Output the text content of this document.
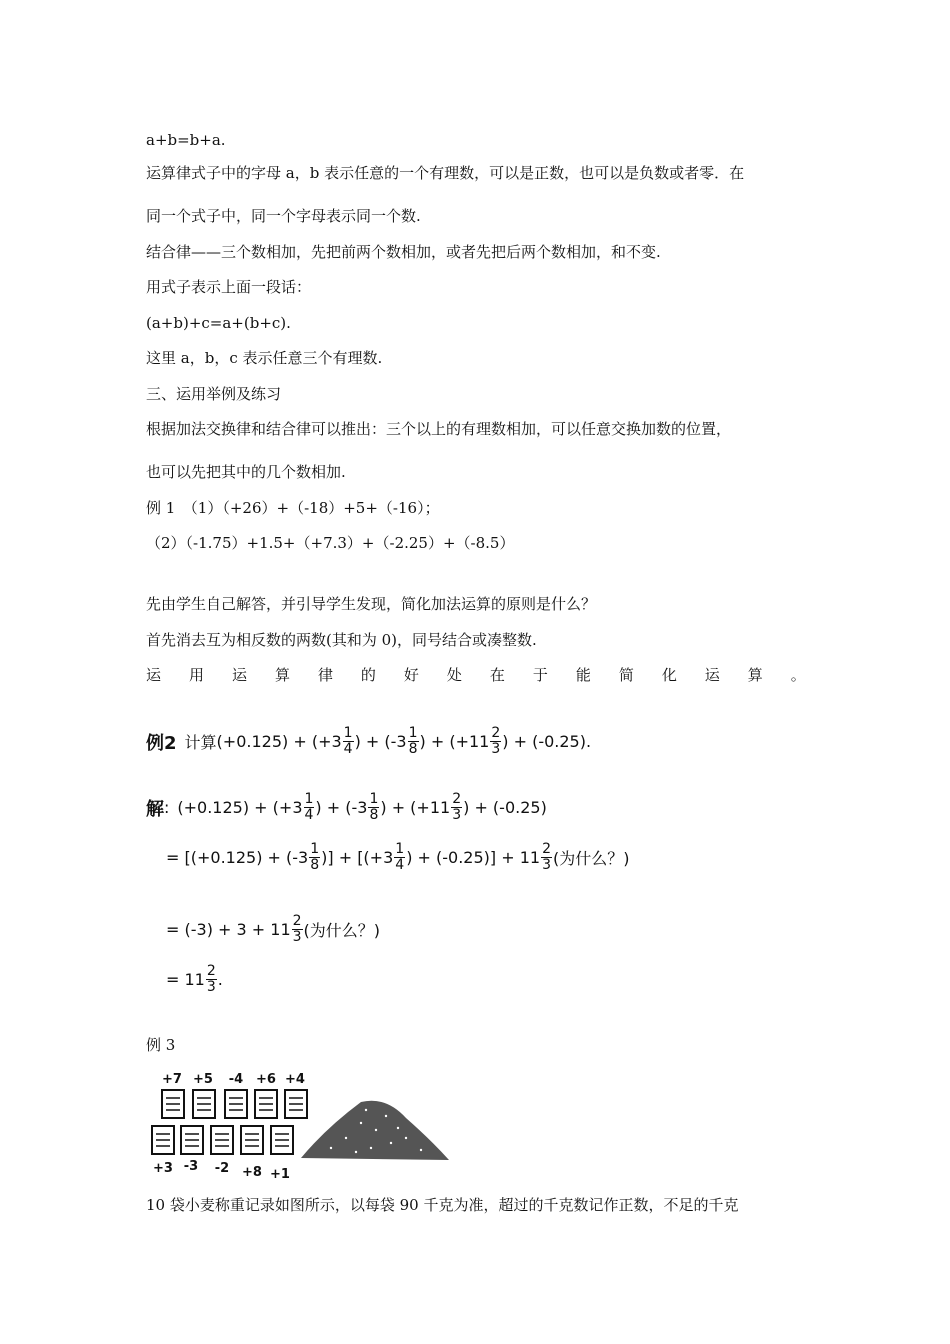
a+b=b+a.
运算律式子中的字母 a，b 表示任意的一个有理数，可以是正数，也可以是负数或者零．在
同一个式子中，同一个字母表示同一个数.
结合律——三个数相加，先把前两个数相加，或者先把后两个数相加，和不变.
用式子表示上面一段话：
(a+b)+c=a+(b+c).
这里 a，b，c 表示任意三个有理数.
三、运用举例及练习
根据加法交换律和结合律可以推出：三个以上的有理数相加，可以任意交换加数的位置，
也可以先把其中的几个数相加.
例 1　（1）（+26）+（-18）+5+（-16）；
（2）（-1.75）+1.5+（+7.3）+（-2.25）+（-8.5）
先由学生自己解答，并引导学生发现，简化加法运算的原则是什么？
首先消去互为相反数的两数(其和为 0)，同号结合或凑整数.
运 用 运 算 律 的 好 处 在 于 能 简 化 运 算 。
例2 计算 $(+0.125) + (+3 \frac{1}{4}$ ) + ($-3 \frac{1}{8}$ ) + ($+11 \frac{2}{3}$ ) + (-0.25).
解 : $(+0.125) + (+3 \frac{1}{4}$ ) + ($-3 \frac{1}{8}$ ) + ($+11 \frac{2}{3}$ ) + (-0.25)
= [$(+0.125) + (-3 \frac{1}{8}$ )] + [($+3 \frac{1}{4}$ ) + $(-0.25)] + 11 \frac{2}{3}$ (为什么？)
= $(-3) + 3 + 11 \frac{2}{3}$ (为什么？)
= $11 \frac{2}{3}$ .
例 3
+7 +5 -4 +6 +4
+3 -3 -2 +8 +1
10 袋小麦称重记录如图所示，以每袋 90 千克为准，超过的千克数记作正数，不足的千克
